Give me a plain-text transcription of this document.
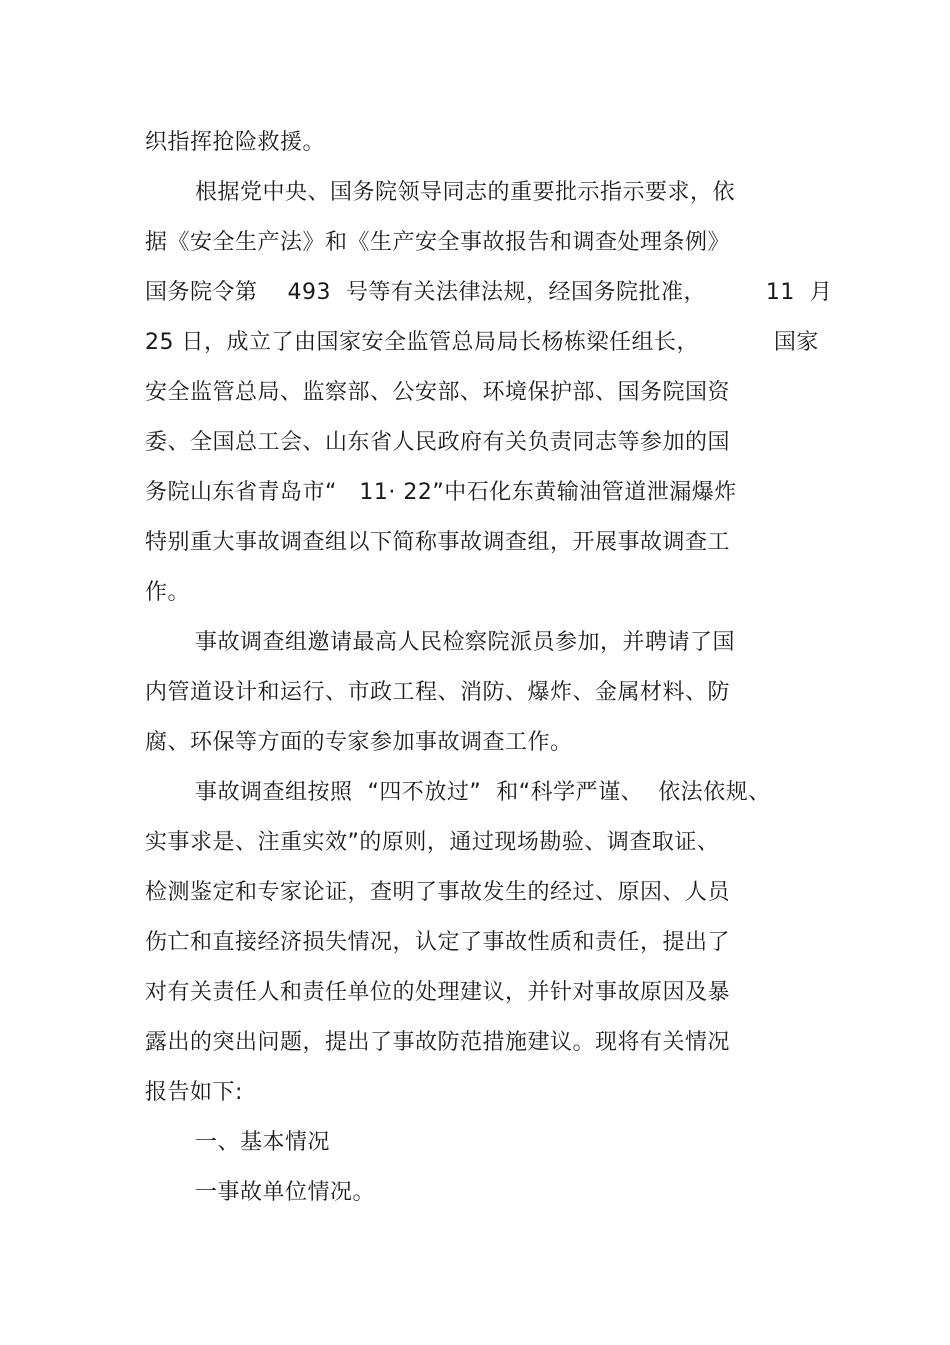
织指挥抢险救援。

根据党中央、国务院领导同志的重要批示指示要求，依

据《安全生产法》和《生产安全事故报告和调查处理条例》

国务院令第    493  号等有关法律法规，经国务院批准，        11  月

25 日，成立了由国家安全监管总局局长杨栋梁任组长，          国家

安全监管总局、监察部、公安部、环境保护部、国务院国资

委、全国总工会、山东省人民政府有关负责同志等参加的国

务院山东省青岛市“   11· 22”中石化东黄输油管道泄漏爆炸

特别重大事故调查组以下简称事故调查组，开展事故调查工

作。

事故调查组邀请最高人民检察院派员参加，并聘请了国

内管道设计和运行、市政工程、消防、爆炸、金属材料、防

腐、环保等方面的专家参加事故调查工作。

事故调查组按照  “四不放过”  和“科学严谨、  依法依规、

实事求是、注重实效”的原则，通过现场勘验、调查取证、

检测鉴定和专家论证，查明了事故发生的经过、原因、人员

伤亡和直接经济损失情况，认定了事故性质和责任，提出了

对有关责任人和责任单位的处理建议，并针对事故原因及暴

露出的突出问题，提出了事故防范措施建议。现将有关情况

报告如下:

一、基本情况

一事故单位情况。
